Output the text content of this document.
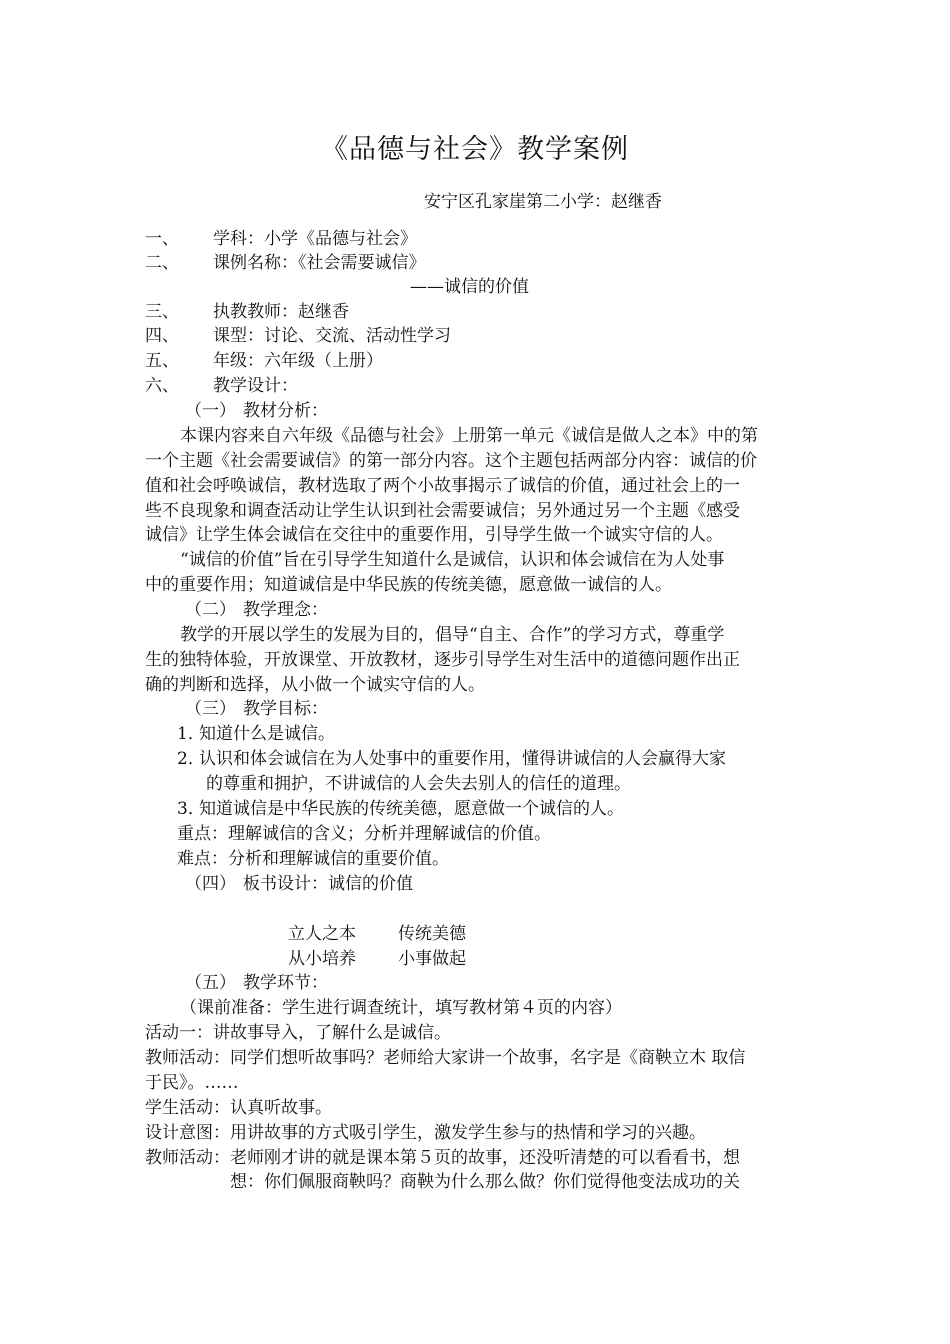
《品德与社会》教学案例
安宁区孔家崖第二小学：赵继香
一、 学科：小学《品德与社会》
二、 课例名称：《社会需要诚信》
——诚信的价值
三、 执教教师：赵继香
四、 课型：讨论、交流、活动性学习
五、 年级：六年级（上册）
六、 教学设计：
（一） 教材分析：
本课内容来自六年级《品德与社会》上册第一单元《诚信是做人之本》中的第
一个主题《社会需要诚信》的第一部分内容。这个主题包括两部分内容：诚信的价
值和社会呼唤诚信，教材选取了两个小故事揭示了诚信的价值，通过社会上的一
些不良现象和调查活动让学生认识到社会需要诚信；另外通过另一个主题《感受
诚信》让学生体会诚信在交往中的重要作用，引导学生做一个诚实守信的人。
“诚信的价值”旨在引导学生知道什么是诚信，认识和体会诚信在为人处事
中的重要作用；知道诚信是中华民族的传统美德，愿意做一诚信的人。
（二） 教学理念：
教学的开展以学生的发展为目的，倡导“自主、合作”的学习方式，尊重学
生的独特体验，开放课堂、开放教材，逐步引导学生对生活中的道德问题作出正
确的判断和选择，从小做一个诚实守信的人。
（三） 教学目标：
1．知道什么是诚信。
2．认识和体会诚信在为人处事中的重要作用，懂得讲诚信的人会赢得大家
的尊重和拥护，不讲诚信的人会失去别人的信任的道理。
3．知道诚信是中华民族的传统美德，愿意做一个诚信的人。
重点：理解诚信的含义；分析并理解诚信的价值。
难点：分析和理解诚信的重要价值。
（四） 板书设计：诚信的价值
立人之本 传统美德
从小培养 小事做起
（五） 教学环节：
（课前准备：学生进行调查统计，填写教材第４页的内容）
活动一：讲故事导入，了解什么是诚信。
教师活动：同学们想听故事吗？老师给大家讲一个故事，名字是《商鞅立木 取信
于民》。……
学生活动：认真听故事。
设计意图：用讲故事的方式吸引学生，激发学生参与的热情和学习的兴趣。
教师活动：老师刚才讲的就是课本第５页的故事，还没听清楚的可以看看书，想
想：你们佩服商鞅吗？商鞅为什么那么做？你们觉得他变法成功的关
